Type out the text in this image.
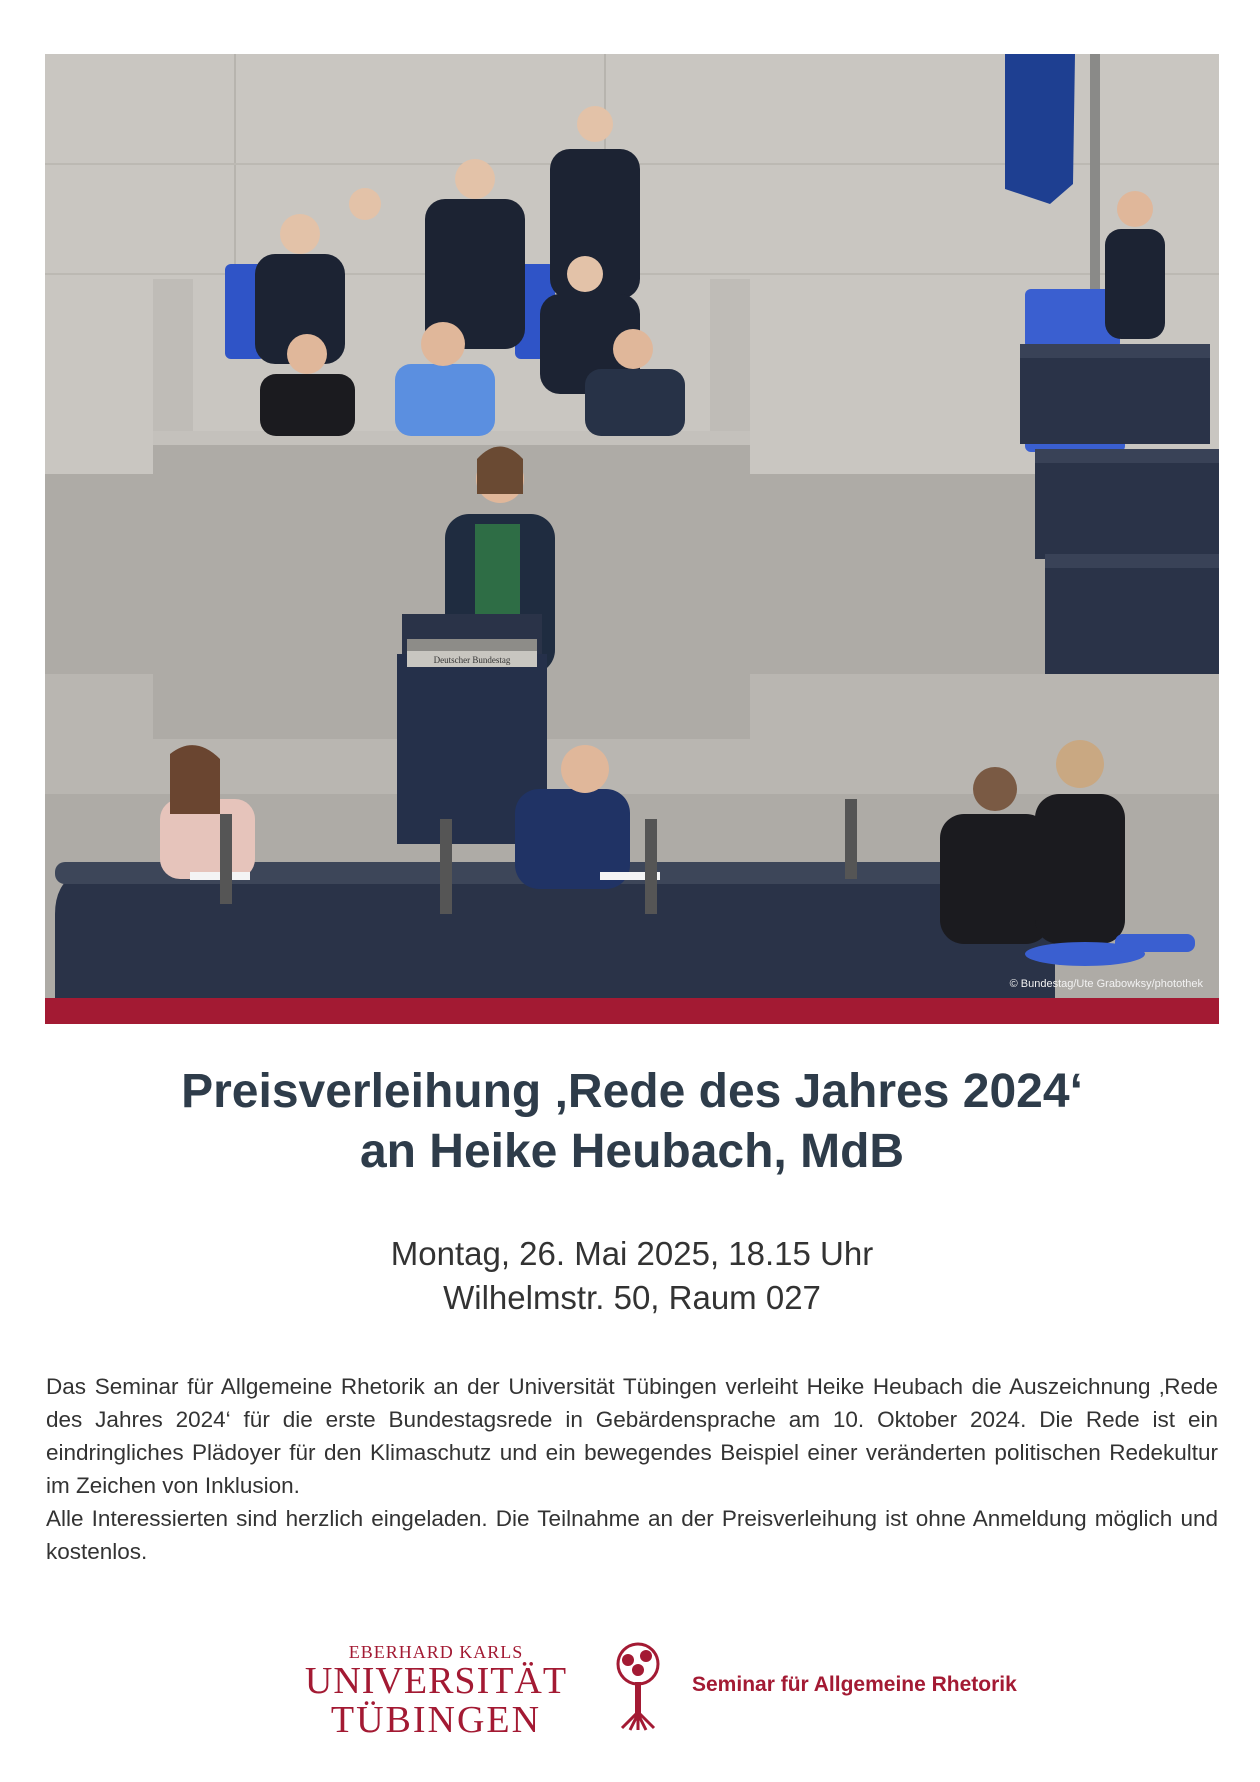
Deutscher Bundestag
© Bundestag/Ute Grabowksy/photothek
Preisverleihung ‚Rede des Jahres 2024‘
an Heike Heubach, MdB
Montag, 26. Mai 2025, 18.15 Uhr
Wilhelmstr. 50, Raum 027

Das Seminar für Allgemeine Rhetorik an der Universität Tübingen verleiht Heike Heubach die Auszeichnung ‚Rede des Jahres 2024‘ für die erste Bundestagsrede in Gebärdensprache am 10. Oktober 2024. Die Rede ist ein eindringliches Plädoyer für den Klimaschutz und ein bewegendes Beispiel einer veränderten politischen Redekultur im Zeichen von Inklusion.

Alle Interessierten sind herzlich eingeladen. Die Teilnahme an der Preisverleihung ist ohne Anmeldung möglich und kostenlos.

EBERHARD KARLS
UNIVERSITÄT
TÜBINGEN
Seminar für Allgemeine Rhetorik
